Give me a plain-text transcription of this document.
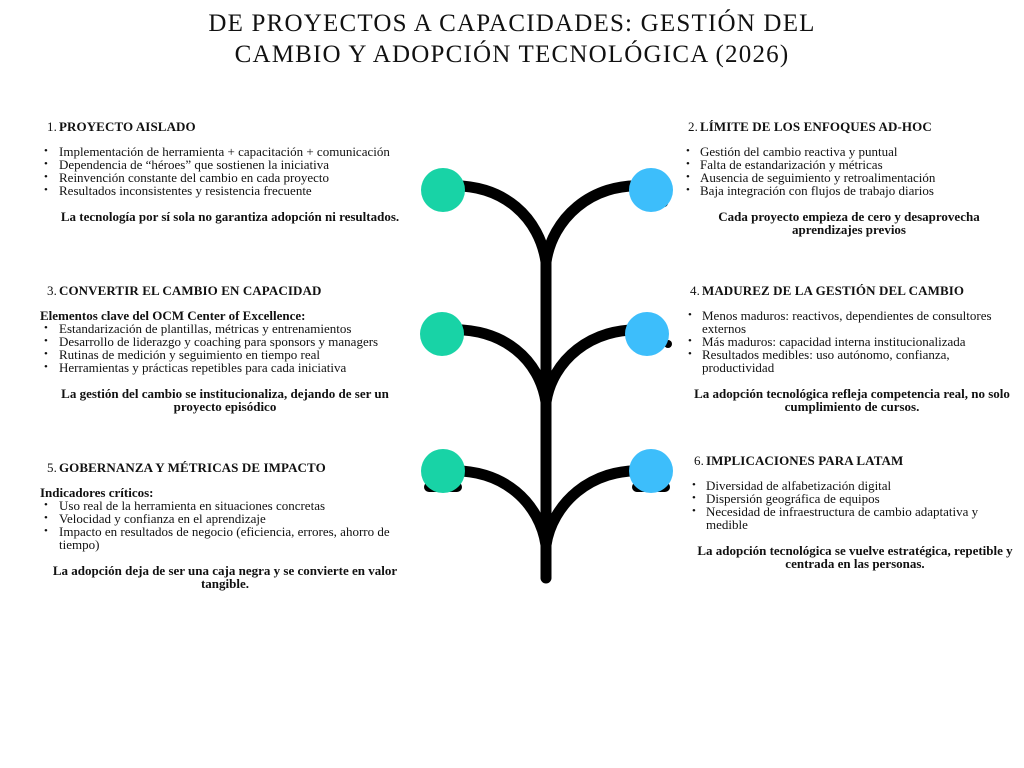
DE PROYECTOS A CAPACIDADES: GESTIÓN DEL
CAMBIO Y ADOPCIÓN TECNOLÓGICA (2026)
1. PROYECTO AISLADO
• Implementación de herramienta + capacitación + comunicación
• Dependencia de “héroes” que sostienen la iniciativa
• Reinvención constante del cambio en cada proyecto
• Resultados inconsistentes y resistencia frecuente
La tecnología por sí sola no garantiza adopción ni resultados.
2. LÍMITE DE LOS ENFOQUES AD-HOC
• Gestión del cambio reactiva y puntual
• Falta de estandarización y métricas
• Ausencia de seguimiento y retroalimentación
• Baja integración con flujos de trabajo diarios
Cada proyecto empieza de cero y desaprovecha aprendizajes previos
3. CONVERTIR EL CAMBIO EN CAPACIDAD
Elementos clave del OCM Center of Excellence:
• Estandarización de plantillas, métricas y entrenamientos
• Desarrollo de liderazgo y coaching para sponsors y managers
• Rutinas de medición y seguimiento en tiempo real
• Herramientas y prácticas repetibles para cada iniciativa
La gestión del cambio se institucionaliza, dejando de ser un proyecto episódico
4. MADUREZ DE LA GESTIÓN DEL CAMBIO
• Menos maduros: reactivos, dependientes de consultores externos
• Más maduros: capacidad interna institucionalizada
• Resultados medibles: uso autónomo, confianza, productividad
La adopción tecnológica refleja competencia real, no solo cumplimiento de cursos.
5. GOBERNANZA Y MÉTRICAS DE IMPACTO
Indicadores críticos:
• Uso real de la herramienta en situaciones concretas
• Velocidad y confianza en el aprendizaje
• Impacto en resultados de negocio (eficiencia, errores, ahorro de tiempo)
La adopción deja de ser una caja negra y se convierte en valor tangible.
6. IMPLICACIONES PARA LATAM
• Diversidad de alfabetización digital
• Dispersión geográfica de equipos
• Necesidad de infraestructura de cambio adaptativa y medible
La adopción tecnológica se vuelve estratégica, repetible y centrada en las personas.
